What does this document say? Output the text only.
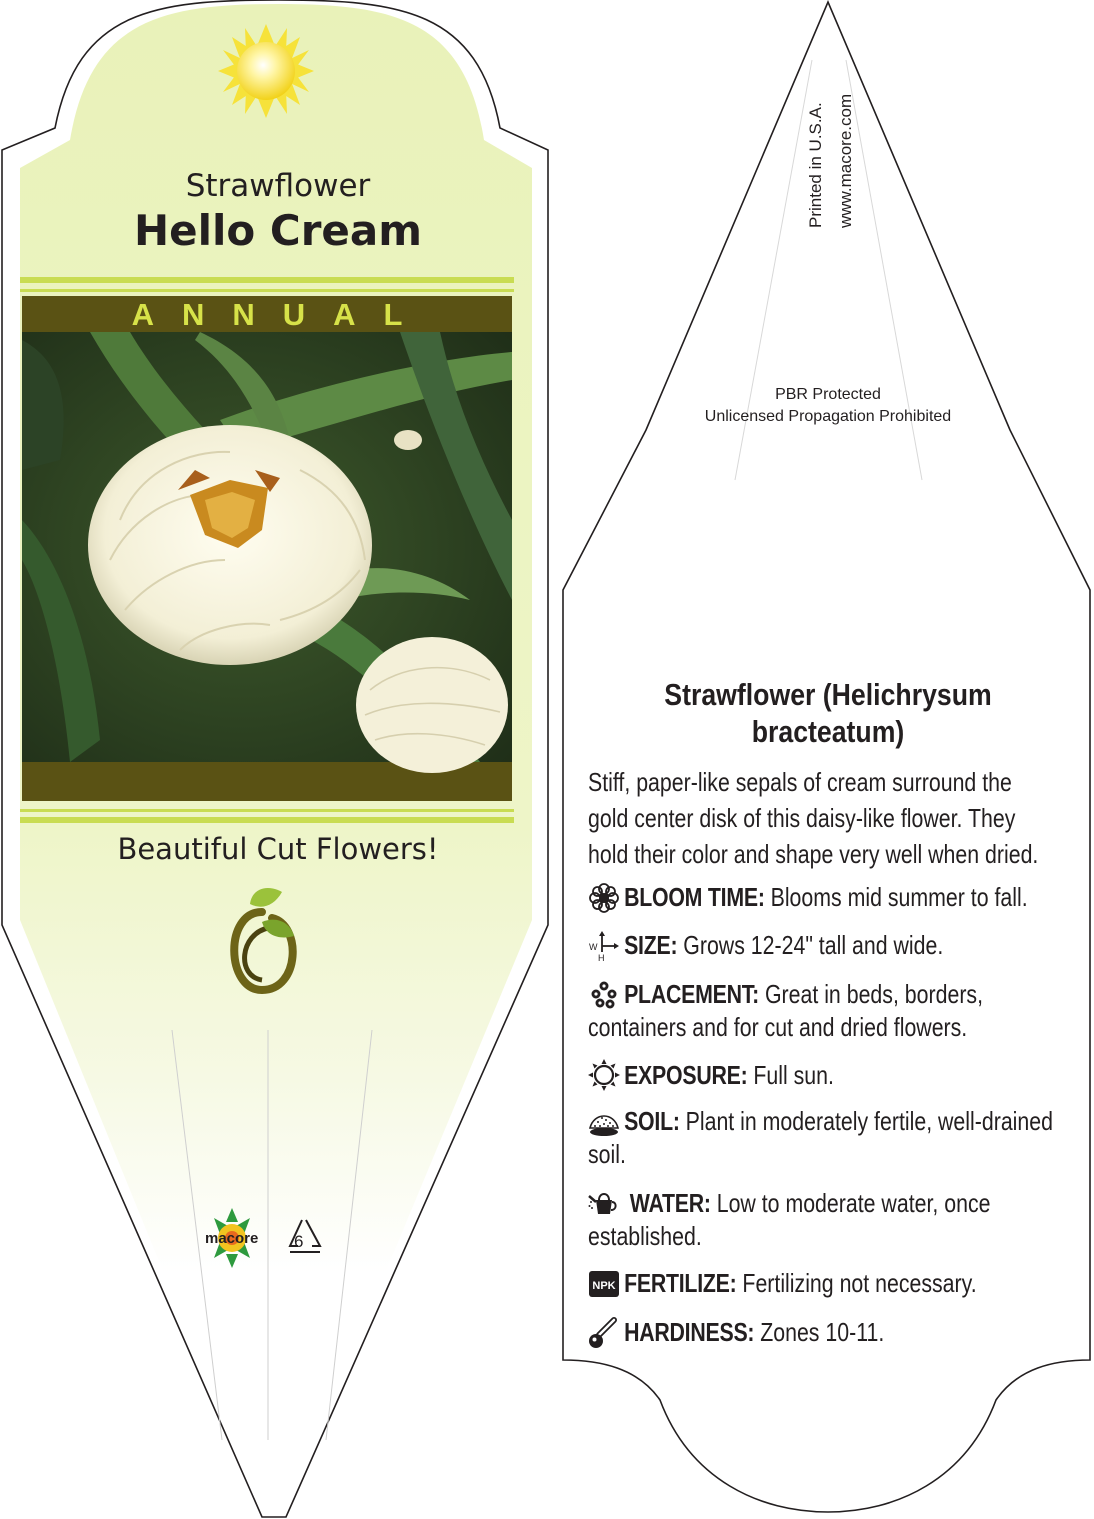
Strawflower
Hello Cream
ANNUAL
Beautiful Cut Flowers!
macore 6
Printed in U.S.A. www.macore.com
PBR Protected
Unlicensed Propagation Prohibited
Strawflower (Helichrysum bracteatum)
Stiff, paper-like sepals of cream surround the gold center disk of this daisy-like flower. They hold their color and shape very well when dried.
BLOOM TIME: Blooms mid summer to fall.
SIZE: Grows 12-24" tall and wide.
PLACEMENT: Great in beds, borders, containers and for cut and dried flowers.
EXPOSURE: Full sun.
SOIL: Plant in moderately fertile, well-drained soil.
WATER: Low to moderate water, once established.
FERTILIZE: Fertilizing not necessary.
HARDINESS: Zones 10-11.
W
H
NPK
